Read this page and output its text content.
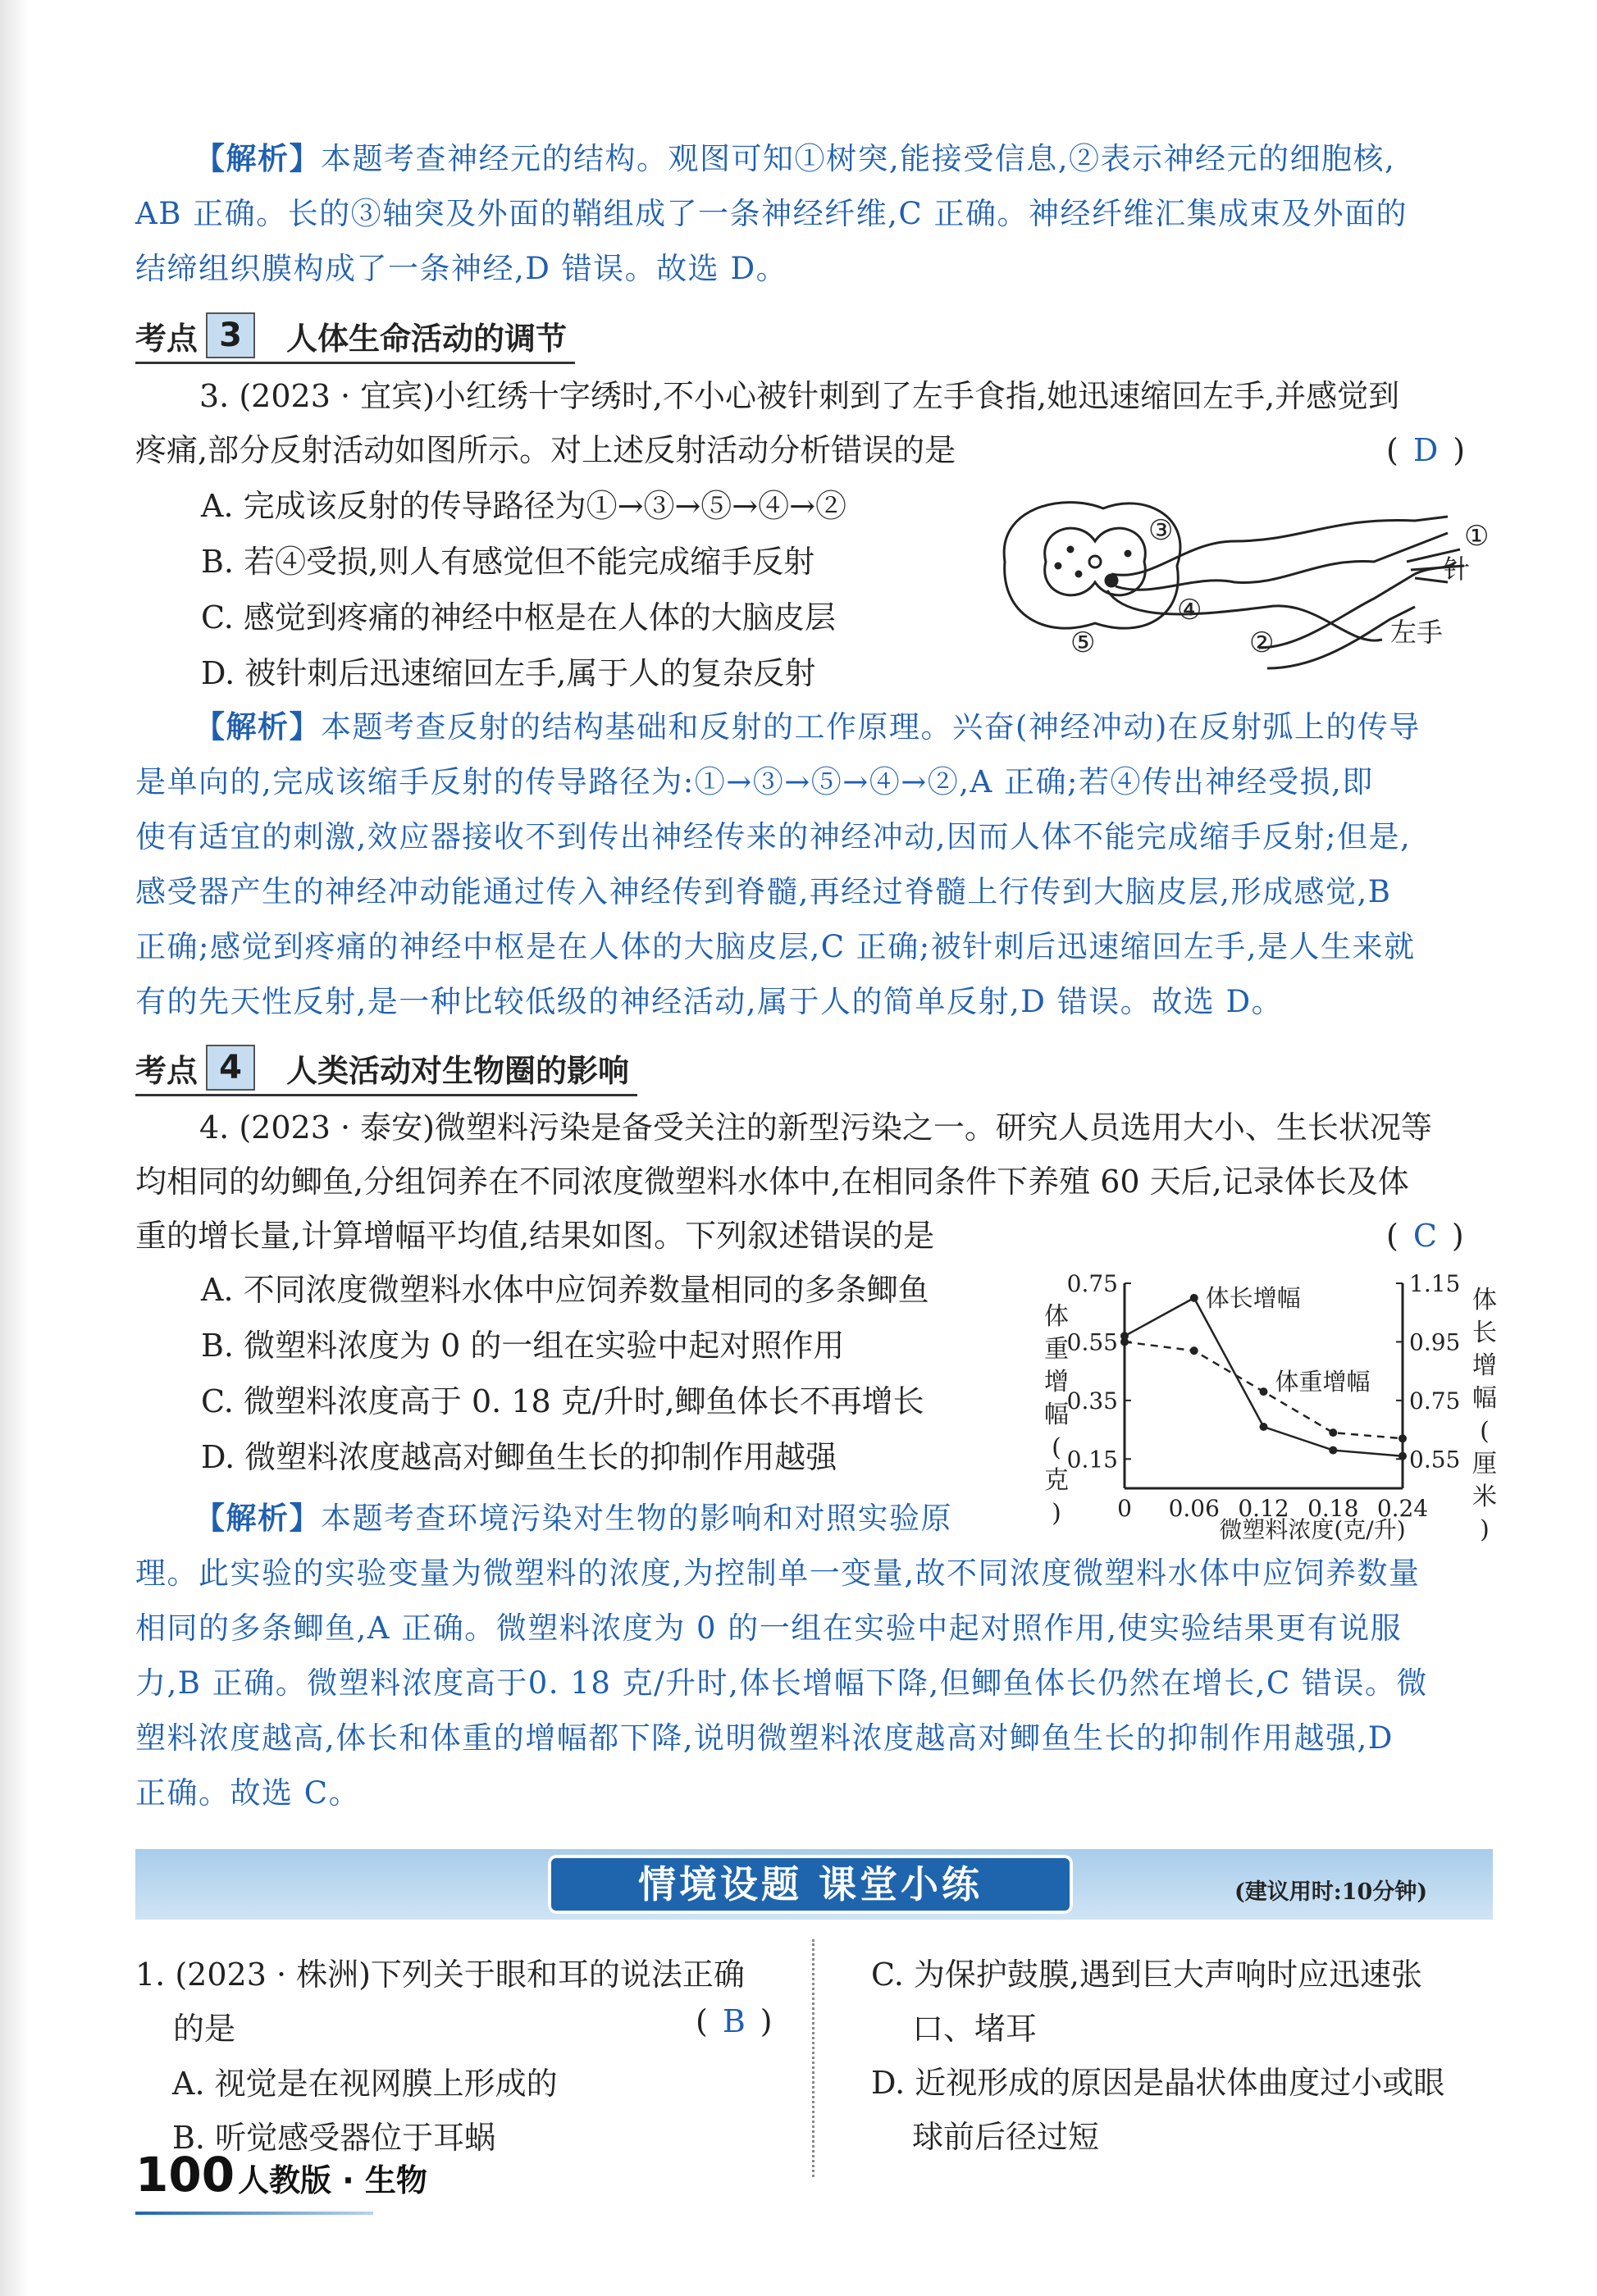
【解析】本题考查神经元的结构。观图可知①树突,能接受信息,②表示神经元的细胞核,
AB 正确。长的③轴突及外面的鞘组成了一条神经纤维,C 正确。神经纤维汇集成束及外面的
结缔组织膜构成了一条神经,D 错误。故选 D。
考点 3	人体生命活动的调节
3. (2023 · 宜宾)小红绣十字绣时,不小心被针刺到了左手食指,她迅速缩回左手,并感觉到
疼痛,部分反射活动如图所示。对上述反射活动分析错误的是	( D )
A. 完成该反射的传导路径为①→③→⑤→④→②
B. 若④受损,则人有感觉但不能完成缩手反射
C. 感觉到疼痛的神经中枢是在人体的大脑皮层
D. 被针刺后迅速缩回左手,属于人的复杂反射
①
针
③
④
⑤	②	左手
【解析】本题考查反射的结构基础和反射的工作原理。兴奋(神经冲动)在反射弧上的传导
是单向的,完成该缩手反射的传导路径为:①→③→⑤→④→②,A 正确;若④传出神经受损,即
使有适宜的刺激,效应器接收不到传出神经传来的神经冲动,因而人体不能完成缩手反射;但是,
感受器产生的神经冲动能通过传入神经传到脊髓,再经过脊髓上行传到大脑皮层,形成感觉,B
正确;感觉到疼痛的神经中枢是在人体的大脑皮层,C 正确;被针刺后迅速缩回左手,是人生来就
有的先天性反射,是一种比较低级的神经活动,属于人的简单反射,D 错误。故选 D。
考点 4	人类活动对生物圈的影响
4. (2023 · 泰安)微塑料污染是备受关注的新型污染之一。研究人员选用大小、生长状况等
均相同的幼鲫鱼,分组饲养在不同浓度微塑料水体中,在相同条件下养殖 60 天后,记录体长及体
重的增长量,计算增幅平均值,结果如图。下列叙述错误的是	( C )
A. 不同浓度微塑料水体中应饲养数量相同的多条鲫鱼
B. 微塑料浓度为 0 的一组在实验中起对照作用
C. 微塑料浓度高于 0. 18 克/升时,鲫鱼体长不再增长
D. 微塑料浓度越高对鲫鱼生长的抑制作用越强
0.75
0.55
0.35
0.15
1.15
0.95
0.75
0.55
0 0.06 0.12 0.18 0.24
体
重
增
幅
(
克
)
体
长
增
幅
(
厘
米
)
体长增幅
体重增幅
微塑料浓度(克/升)
【解析】本题考查环境污染对生物的影响和对照实验原
理。此实验的实验变量为微塑料的浓度,为控制单一变量,故不同浓度微塑料水体中应饲养数量
相同的多条鲫鱼,A 正确。微塑料浓度为 0 的一组在实验中起对照作用,使实验结果更有说服
力,B 正确。微塑料浓度高于0. 18 克/升时,体长增幅下降,但鲫鱼体长仍然在增长,C 错误。微
塑料浓度越高,体长和体重的增幅都下降,说明微塑料浓度越高对鲫鱼生长的抑制作用越强,D
正确。故选 C。
情境设题 课堂小练	(建议用时:10分钟)
1. (2023 · 株洲)下列关于眼和耳的说法正确
的是	( B )
A. 视觉是在视网膜上形成的
B. 听觉感受器位于耳蜗
C. 为保护鼓膜,遇到巨大声响时应迅速张
口、堵耳
D. 近视形成的原因是晶状体曲度过小或眼
球前后径过短
100 人教版 · 生物
